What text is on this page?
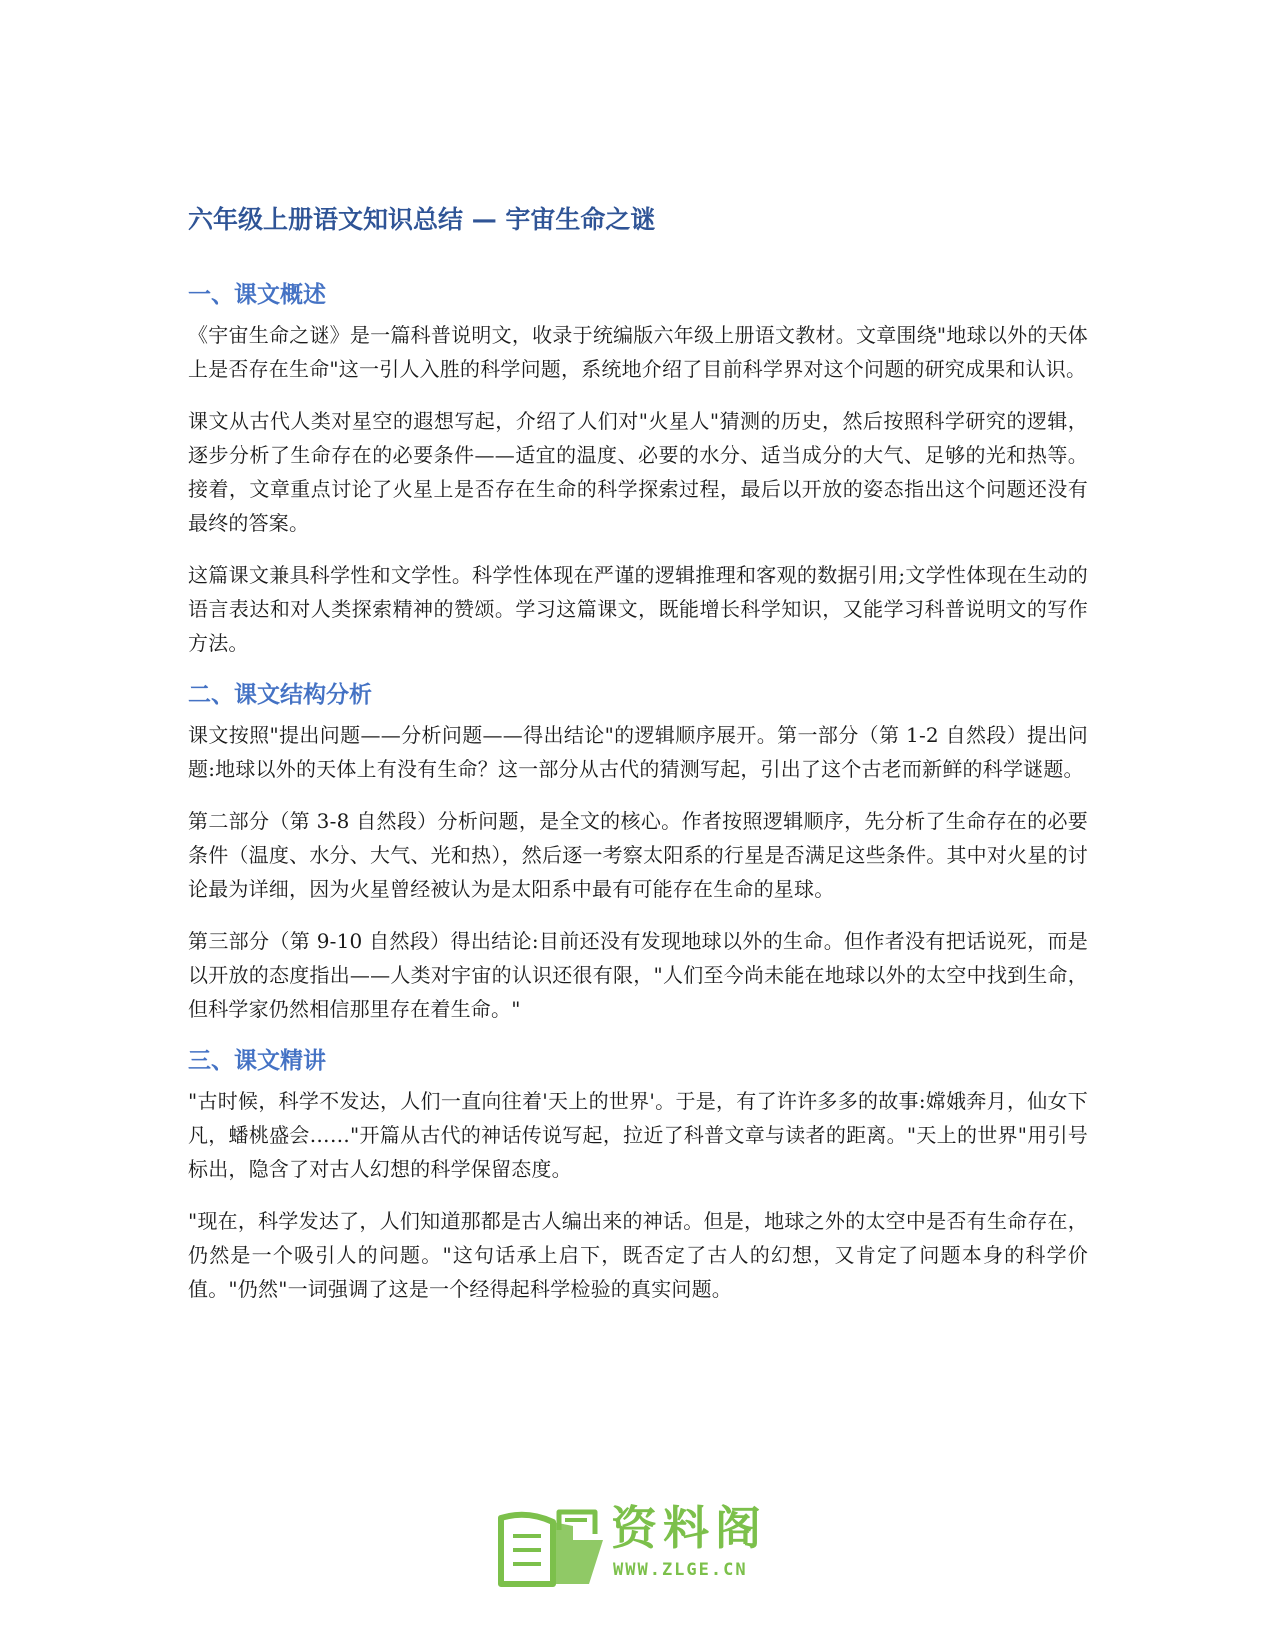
六年级上册语文知识总结 — 宇宙生命之谜
一、课文概述

《宇宙生命之谜》是一篇科普说明文，收录于统编版六年级上册语文教材。文章围绕"地球以外的天体上是否存在生命"这一引人入胜的科学问题，系统地介绍了目前科学界对这个问题的研究成果和认识。

课文从古代人类对星空的遐想写起，介绍了人们对"火星人"猜测的历史，然后按照科学研究的逻辑，逐步分析了生命存在的必要条件——适宜的温度、必要的水分、适当成分的大气、足够的光和热等。接着，文章重点讨论了火星上是否存在生命的科学探索过程，最后以开放的姿态指出这个问题还没有最终的答案。

这篇课文兼具科学性和文学性。科学性体现在严谨的逻辑推理和客观的数据引用;文学性体现在生动的语言表达和对人类探索精神的赞颂。学习这篇课文，既能增长科学知识，又能学习科普说明文的写作方法。

二、课文结构分析

课文按照"提出问题——分析问题——得出结论"的逻辑顺序展开。第一部分（第 1-2 自然段）提出问题:地球以外的天体上有没有生命？这一部分从古代的猜测写起，引出了这个古老而新鲜的科学谜题。

第二部分（第 3-8 自然段）分析问题，是全文的核心。作者按照逻辑顺序，先分析了生命存在的必要条件（温度、水分、大气、光和热），然后逐一考察太阳系的行星是否满足这些条件。其中对火星的讨论最为详细，因为火星曾经被认为是太阳系中最有可能存在生命的星球。

第三部分（第 9-10 自然段）得出结论:目前还没有发现地球以外的生命。但作者没有把话说死，而是以开放的态度指出——人类对宇宙的认识还很有限，"人们至今尚未能在地球以外的太空中找到生命，但科学家仍然相信那里存在着生命。"

三、课文精讲

"古时候，科学不发达，人们一直向往着'天上的世界'。于是，有了许许多多的故事:嫦娥奔月，仙女下凡，蟠桃盛会……"开篇从古代的神话传说写起，拉近了科普文章与读者的距离。"天上的世界"用引号标出，隐含了对古人幻想的科学保留态度。

"现在，科学发达了，人们知道那都是古人编出来的神话。但是，地球之外的太空中是否有生命存在，仍然是一个吸引人的问题。"这句话承上启下，既否定了古人的幻想，又肯定了问题本身的科学价值。"仍然"一词强调了这是一个经得起科学检验的真实问题。

资料阁
WWW.ZLGE.CN
